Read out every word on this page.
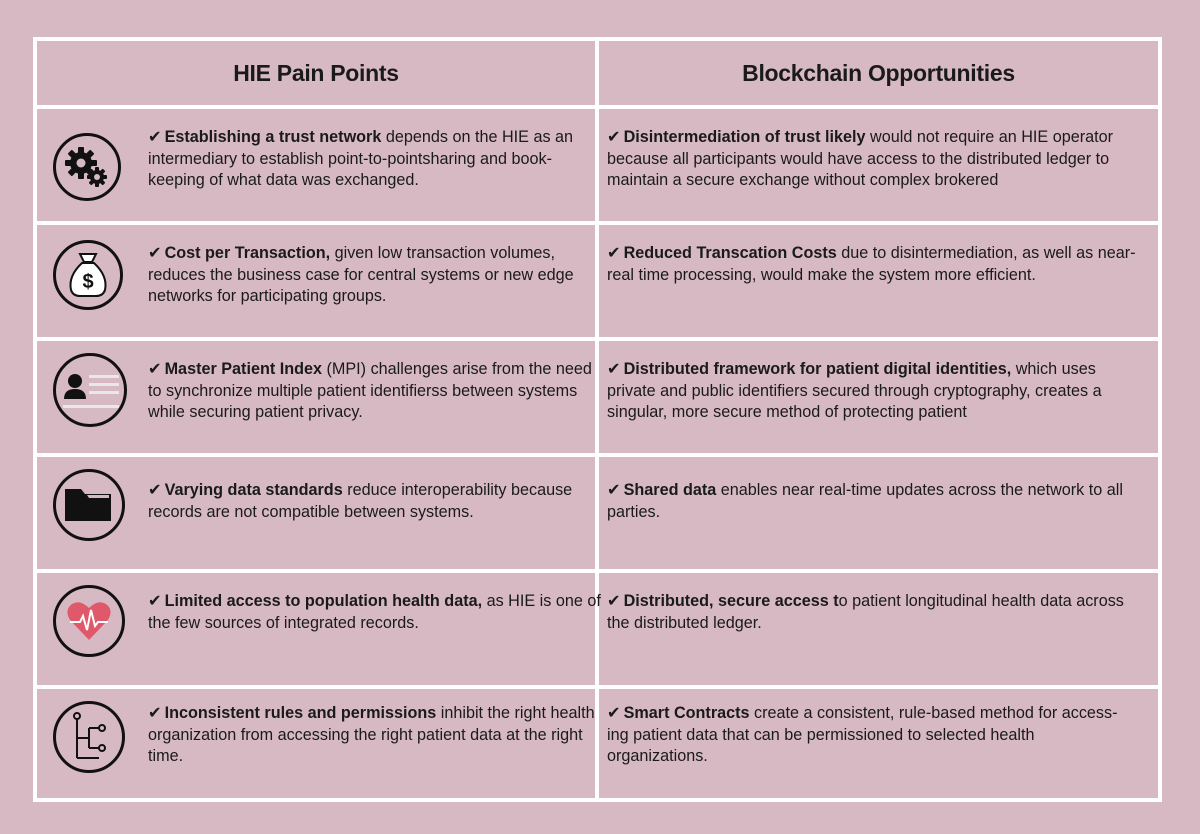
HIE Pain Points	Blockchain Opportunities

✔ Establishing a trust network depends on the HIE as an intermediary to establish point-to-pointsharing and book-keeping of what data was exchanged.

✔ Disintermediation of trust likely would not require an HIE operator because all participants would have access to the distributed ledger to maintain a secure exchange without complex brokered

$

✔ Cost per Transaction, given low transaction volumes, reduces the business case for central systems or new edge networks for participating groups.

✔ Reduced Transcation Costs due to disintermediation, as well as near-real time processing, would make the system more efficient.

✔ Master Patient Index (MPI) challenges arise from the need to synchronize multiple patient identifierss between systems while securing patient privacy.

✔ Distributed framework for patient digital identities, which uses private and public identifiers secured through cryptography, creates a singular, more secure method of protecting patient

✔ Varying data standards reduce interoperability because records are not compatible between systems.

✔ Shared data enables near real-time updates across the network to all parties.

✔ Limited access to population health data, as HIE is one of the few sources of integrated records.

✔ Distributed, secure access to patient longitudinal health data across the distributed ledger.

✔ Inconsistent rules and permissions inhibit the right health organization from accessing the right patient data at the right time.

✔ Smart Contracts create a consistent, rule-based method for access-ing patient data that can be permissioned to selected health organizations.
